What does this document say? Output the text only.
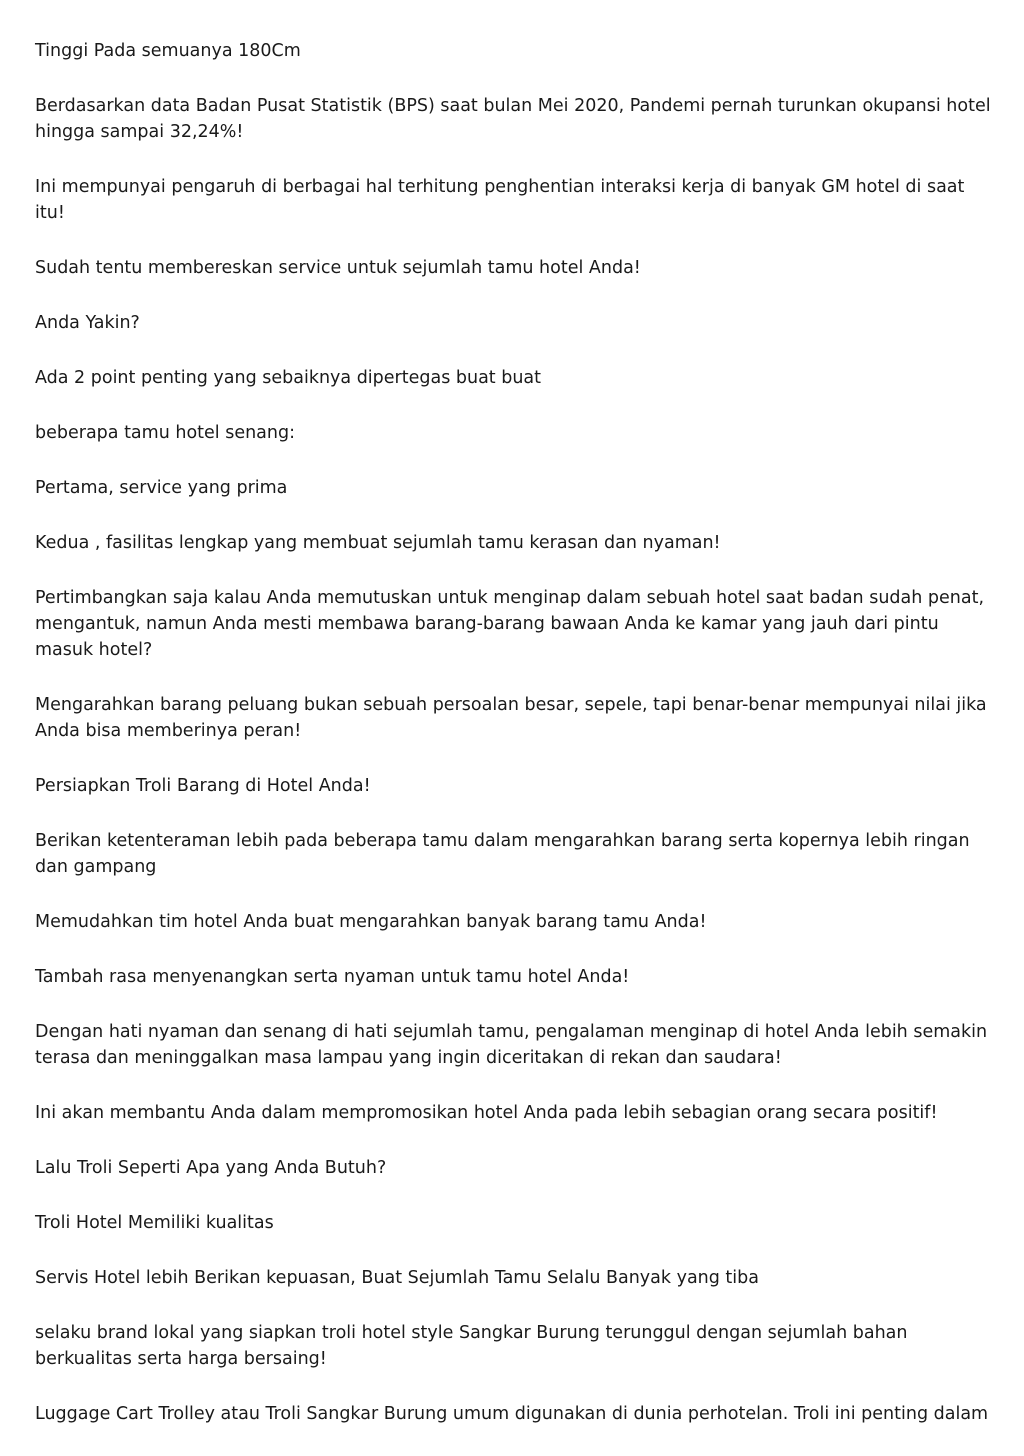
Tinggi Pada semuanya 180Cm

Berdasarkan data Badan Pusat Statistik (BPS) saat bulan Mei 2020, Pandemi pernah turunkan okupansi hotel hingga sampai 32,24%!

Ini mempunyai pengaruh di berbagai hal terhitung penghentian interaksi kerja di banyak GM hotel di saat itu!

Sudah tentu membereskan service untuk sejumlah tamu hotel Anda!

Anda Yakin?

Ada 2 point penting yang sebaiknya dipertegas buat buat

beberapa tamu hotel senang:

Pertama, service yang prima

Kedua , fasilitas lengkap yang membuat sejumlah tamu kerasan dan nyaman!

Pertimbangkan saja kalau Anda memutuskan untuk menginap dalam sebuah hotel saat badan sudah penat, mengantuk, namun Anda mesti membawa barang-barang bawaan Anda ke kamar yang jauh dari pintu masuk hotel?

Mengarahkan barang peluang bukan sebuah persoalan besar, sepele, tapi benar-benar mempunyai nilai jika Anda bisa memberinya peran!

Persiapkan Troli Barang di Hotel Anda!

Berikan ketenteraman lebih pada beberapa tamu dalam mengarahkan barang serta kopernya lebih ringan dan gampang

Memudahkan tim hotel Anda buat mengarahkan banyak barang tamu Anda!

Tambah rasa menyenangkan serta nyaman untuk tamu hotel Anda!

Dengan hati nyaman dan senang di hati sejumlah tamu, pengalaman menginap di hotel Anda lebih semakin terasa dan meninggalkan masa lampau yang ingin diceritakan di rekan dan saudara!

Ini akan membantu Anda dalam mempromosikan hotel Anda pada lebih sebagian orang secara positif!

Lalu Troli Seperti Apa yang Anda Butuh?

Troli Hotel Memiliki kualitas

Servis Hotel lebih Berikan kepuasan, Buat Sejumlah Tamu Selalu Banyak yang tiba

selaku brand lokal yang siapkan troli hotel style Sangkar Burung terunggul dengan sejumlah bahan berkualitas serta harga bersaing!

Luggage Cart Trolley atau Troli Sangkar Burung umum digunakan di dunia perhotelan. Troli ini penting dalam
